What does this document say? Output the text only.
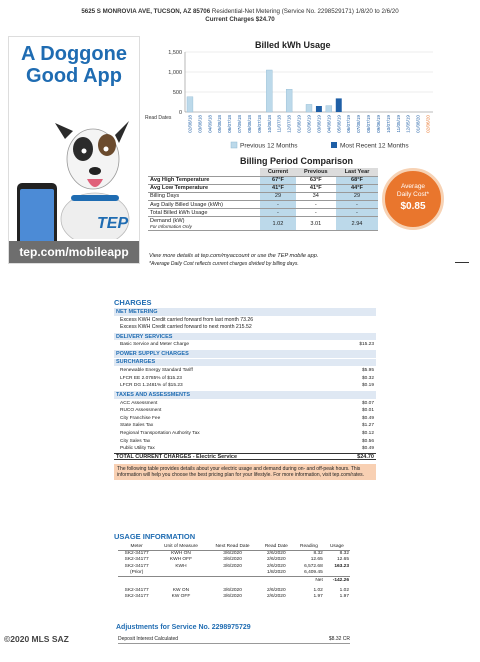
5625 S MONROVIA AVE, TUCSON, AZ 85706 Residential-Net Metering (Service No. 2298529171) 1/8/20 to 2/6/20
Current Charges $24.70
A Doggone
Good App
TEP
tep.com/mobileapp
Billed kWh Usage
1,500
1,000
500
0
Read Dates	02/08/18 03/08/18 04/09/18 05/08/18 06/07/18 07/09/18 08/08/18 09/07/18 10/08/18 11/07/18 12/07/18 01/08/19 02/06/19 03/08/19 04/08/19 05/08/19 06/07/19 07/08/19 08/07/19 09/06/19 10/07/19 11/05/19 12/05/19 01/08/20 02/06/20
Previous 12 Months	Most Recent 12 Months
Billing Period Comparison
	Current	Previous	Last Year

Avg High Temperature	67°F	63°F	68°F

Avg Low Temperature	41°F	41°F	44°F

Billing Days	29	34	29

Avg Daily Billed Usage (kWh)	-	-	-

Total Billed kWh Usage	-	-	-

Demand (kW)
For Information Only	1.02	3.01	2.94
View more details at tep.com/myaccount or use the TEP mobile app.
*Average Daily Cost reflects current charges divided by billing days.
Average
Daily Cost*
$0.85
CHARGES
NET METERING
Excess KWH Credit carried forward from last month 73.26
Excess KWH Credit carried forward to next month 215.52
DELIVERY SERVICES
Basic Service and Meter Charge	$15.23
POWER SUPPLY CHARGES
SURCHARGES
Renewable Energy Standard Tariff	$5.95
LFCR EE 2.0785% of $15.23	$0.32
LFCR DG 1.2481% of $15.23	$0.19
TAXES AND ASSESSMENTS
ACC Assessment	$0.07
RUCO Assessment	$0.01
City Franchise Fee	$0.49
State Sales Tax	$1.27
Regional Transportation Authority Tax	$0.12
City Sales Tax	$0.56
Public Utility Tax	$0.49
TOTAL CURRENT CHARGES - Electric Service	$24.70
The following table provides details about your electric usage and demand during on- and off-peak hours. This information will help you choose the best pricing plan for your lifestyle. For more information, visit tep.com/rates.
USAGE INFORMATION
Meter	Unit of Measure	Next Read Date	Read Date	Reading	Usage
SK2-34177	KWH ON	3/6/2020	2/6/2020	8.32	8.32
SK2-34177	KWH OFF	3/6/2020	2/6/2020	12.65	12.65
SK2-34177	KWH	3/6/2020	2/6/2020	6,572.68	163.23
(Prior)			1/8/2020	6,409.45	
				Net	-142.26

SK2-34177	KW ON	3/6/2020	2/6/2020	1.02	1.02
SK2-34177	KW OFF	3/6/2020	2/6/2020	1.97	1.97
Adjustments for Service No. 2298975729
Deposit Interest Calculated	$8.32 CR
©2020 MLS SAZ
